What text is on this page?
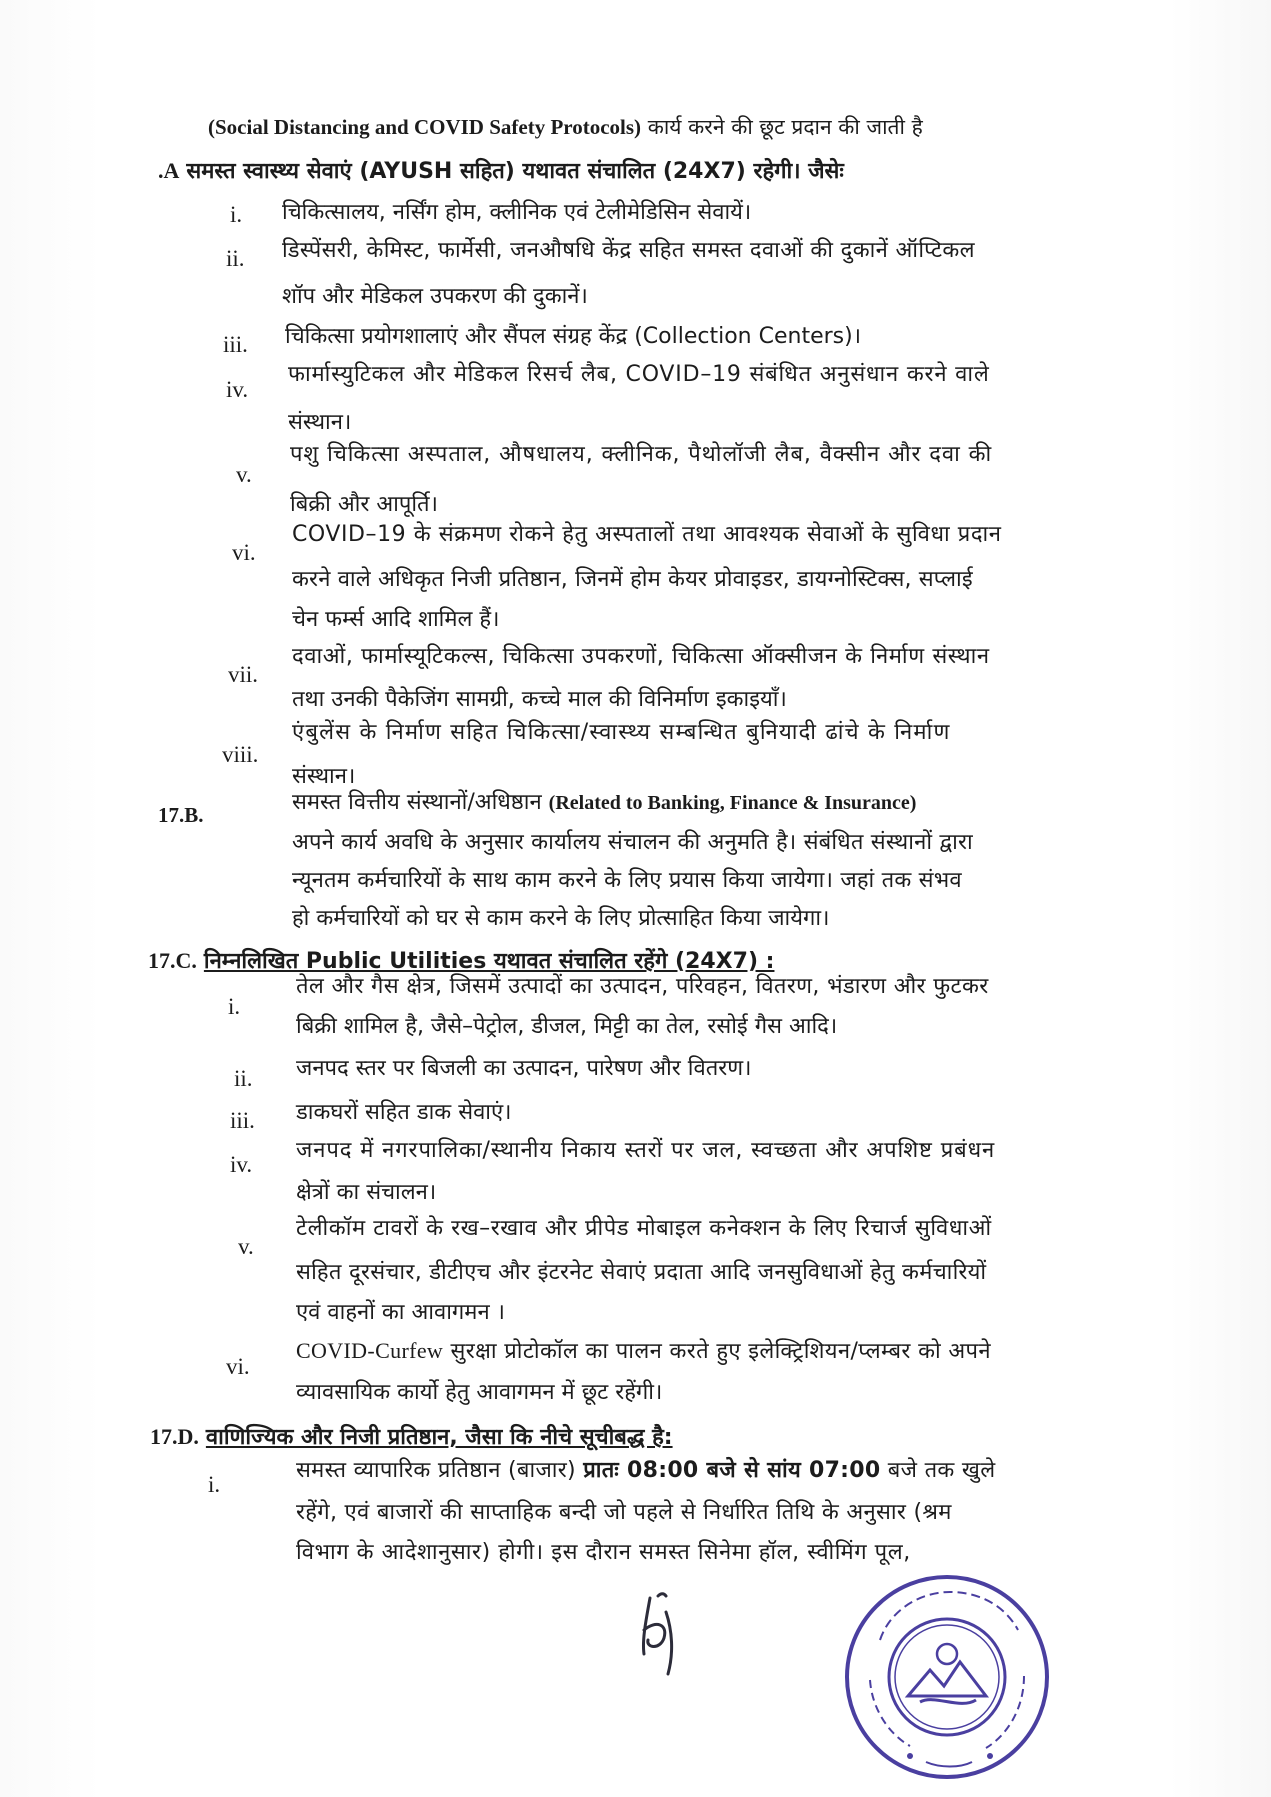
(Social Distancing and COVID Safety Protocols) कार्य करने की छूट प्रदान की जाती है
.A समस्त स्वास्थ्य सेवाएं (AYUSH सहित) यथावत संचालित (24X7) रहेगी। जैसेः
i. चिकित्सालय, नर्सिंग होम, क्लीनिक एवं टेलीमेडिसिन सेवायें।
ii. डिस्पेंसरी, केमिस्ट, फार्मेसी, जनऔषधि केंद्र सहित समस्त दवाओं की दुकानें ऑप्टिकल
शॉप और मेडिकल उपकरण की दुकानें।
iii. चिकित्सा प्रयोगशालाएं और सैंपल संग्रह केंद्र (Collection Centers)।
iv.
फार्मास्युटिकल और मेडिकल रिसर्च लैब, COVID–19 संबंधित अनुसंधान करने वाले
संस्थान।
v.
पशु चिकित्सा अस्पताल, औषधालय, क्लीनिक, पैथोलॉजी लैब, वैक्सीन और दवा की
बिक्री और आपूर्ति।
vi.
COVID–19 के संक्रमण रोकने हेतु अस्पतालों तथा आवश्यक सेवाओं के सुविधा प्रदान
करने वाले अधिकृत निजी प्रतिष्ठान, जिनमें होम केयर प्रोवाइडर, डायग्नोस्टिक्स, सप्लाई
चेन फर्म्स आदि शामिल हैं।
vii.
दवाओं, फार्मास्यूटिकल्स, चिकित्सा उपकरणों, चिकित्सा ऑक्सीजन के निर्माण संस्थान
तथा उनकी पैकेजिंग सामग्री, कच्चे माल की विनिर्माण इकाइयाँ।
viii.
एंबुलेंस के निर्माण सहित चिकित्सा/स्वास्थ्य सम्बन्धित बुनियादी ढांचे के निर्माण
संस्थान।
17.B.	समस्त वित्तीय संस्थानों/अधिष्ठान (Related to Banking, Finance & Insurance)
अपने कार्य अवधि के अनुसार कार्यालय संचालन की अनुमति है। संबंधित संस्थानों द्वारा
न्यूनतम कर्मचारियों के साथ काम करने के लिए प्रयास किया जायेगा। जहां तक संभव
हो कर्मचारियों को घर से काम करने के लिए प्रोत्साहित किया जायेगा।
17.C. निम्नलिखित Public Utilities यथावत संचालित रहेंगे (24X7) :
i.
तेल और गैस क्षेत्र, जिसमें उत्पादों का उत्पादन, परिवहन, वितरण, भंडारण और फुटकर
बिक्री शामिल है, जैसे–पेट्रोल, डीजल, मिट्टी का तेल, रसोई गैस आदि।
ii. जनपद स्तर पर बिजली का उत्पादन, पारेषण और वितरण।
iii. डाकघरों सहित डाक सेवाएं।
iv.
जनपद में नगरपालिका/स्थानीय निकाय स्तरों पर जल, स्वच्छता और अपशिष्ट प्रबंधन
क्षेत्रों का संचालन।
v.
टेलीकॉम टावरों के रख–रखाव और प्रीपेड मोबाइल कनेक्शन के लिए रिचार्ज सुविधाओं
सहित दूरसंचार, डीटीएच और इंटरनेट सेवाएं प्रदाता आदि जनसुविधाओं हेतु कर्मचारियों
एवं वाहनों का आवागमन ।
vi.
COVID-Curfew सुरक्षा प्रोटोकॉल का पालन करते हुए इलेक्ट्रिशियन/प्लम्बर को अपने
व्यावसायिक कार्यो हेतु आवागमन में छूट रहेंगी।
17.D. वाणिज्यिक और निजी प्रतिष्ठान, जैसा कि नीचे सूचीबद्ध है:
i.
समस्त व्यापारिक प्रतिष्ठान (बाजार) प्रातः 08:00 बजे से सांय 07:00 बजे तक खुले
रहेंगे, एवं बाजारों की साप्ताहिक बन्दी जो पहले से निर्धारित तिथि के अनुसार (श्रम
विभाग के आदेशानुसार) होगी। इस दौरान समस्त सिनेमा हॉल, स्वीमिंग पूल,
